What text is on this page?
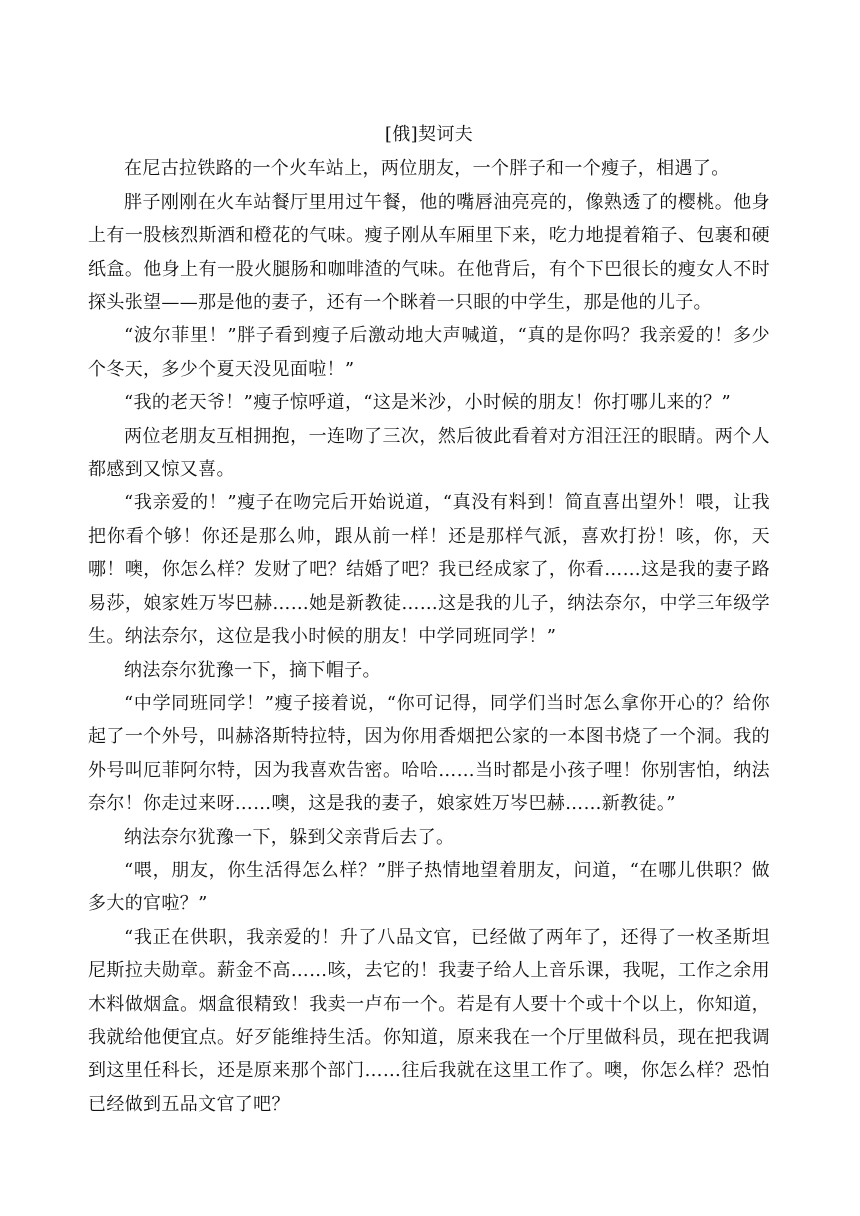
[俄]契诃夫

在尼古拉铁路的一个火车站上，两位朋友，一个胖子和一个瘦子，相遇了。

胖子刚刚在火车站餐厅里用过午餐，他的嘴唇油亮亮的，像熟透了的樱桃。他身上有一股核烈斯酒和橙花的气味。瘦子刚从车厢里下来，吃力地提着箱子、包裹和硬纸盒。他身上有一股火腿肠和咖啡渣的气味。在他背后，有个下巴很长的瘦女人不时探头张望——那是他的妻子，还有一个眯着一只眼的中学生，那是他的儿子。

“波尔菲里！”胖子看到瘦子后激动地大声喊道，“真的是你吗？我亲爱的！多少个冬天，多少个夏天没见面啦！”

“我的老天爷！”瘦子惊呼道，“这是米沙，小时候的朋友！你打哪儿来的？”

两位老朋友互相拥抱，一连吻了三次，然后彼此看着对方泪汪汪的眼睛。两个人都感到又惊又喜。

“我亲爱的！”瘦子在吻完后开始说道，“真没有料到！简直喜出望外！喂，让我把你看个够！你还是那么帅，跟从前一样！还是那样气派，喜欢打扮！咳，你，天哪！噢，你怎么样？发财了吧？结婚了吧？我已经成家了，你看……这是我的妻子路易莎，娘家姓万岑巴赫……她是新教徒……这是我的儿子，纳法奈尔，中学三年级学生。纳法奈尔，这位是我小时候的朋友！中学同班同学！”

纳法奈尔犹豫一下，摘下帽子。

“中学同班同学！”瘦子接着说，“你可记得，同学们当时怎么拿你开心的？给你起了一个外号，叫赫洛斯特拉特，因为你用香烟把公家的一本图书烧了一个洞。我的外号叫厄菲阿尔特，因为我喜欢告密。哈哈……当时都是小孩子哩！你别害怕，纳法奈尔！你走过来呀……噢，这是我的妻子，娘家姓万岑巴赫……新教徒。”

纳法奈尔犹豫一下，躲到父亲背后去了。

“喂，朋友，你生活得怎么样？”胖子热情地望着朋友，问道，“在哪儿供职？做多大的官啦？”

“我正在供职，我亲爱的！升了八品文官，已经做了两年了，还得了一枚圣斯坦尼斯拉夫勋章。薪金不高……咳，去它的！我妻子给人上音乐课，我呢，工作之余用木料做烟盒。烟盒很精致！我卖一卢布一个。若是有人要十个或十个以上，你知道，我就给他便宜点。好歹能维持生活。你知道，原来我在一个厅里做科员，现在把我调到这里任科长，还是原来那个部门……往后我就在这里工作了。噢，你怎么样？恐怕已经做到五品文官了吧？
